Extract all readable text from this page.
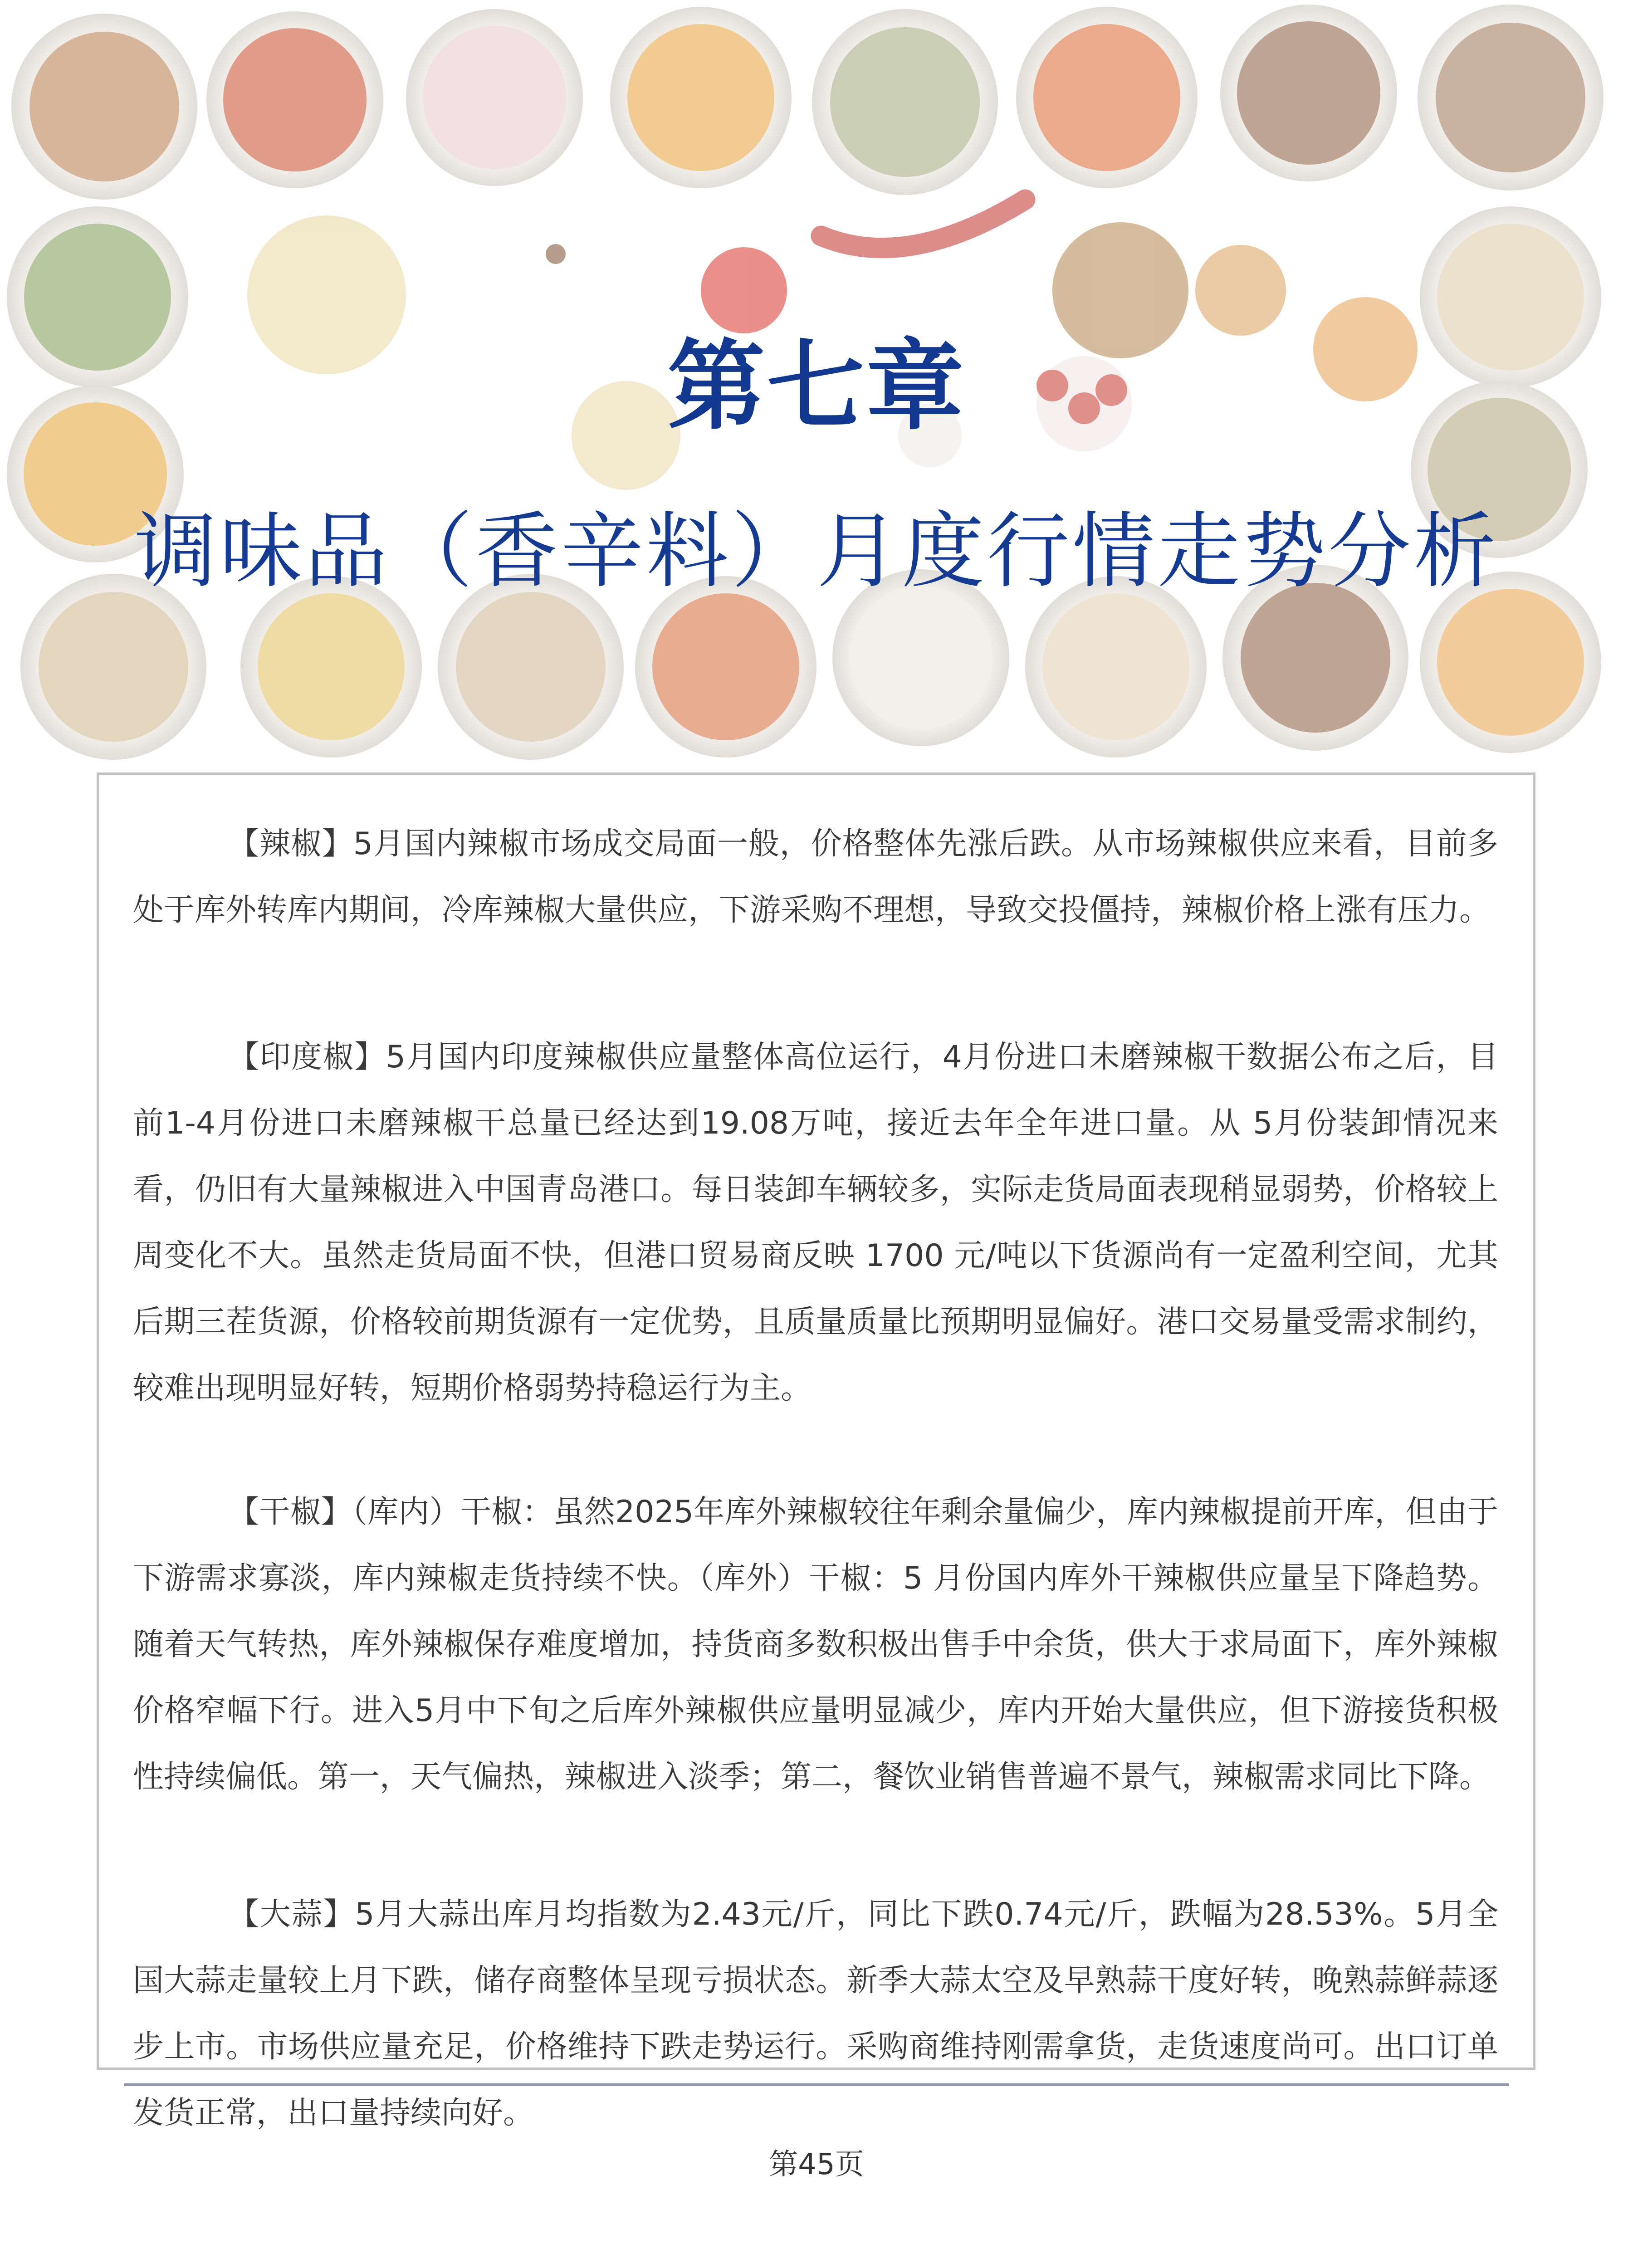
第七章
调味品（香辛料）月度行情走势分析

【辣椒】5月国内辣椒市场成交局面一般，价格整体先涨后跌。从市场辣椒供应来看，目前多处于库外转库内期间，冷库辣椒大量供应，下游采购不理想，导致交投僵持，辣椒价格上涨有压力。

【印度椒】5月国内印度辣椒供应量整体高位运行，4月份进口未磨辣椒干数据公布之后，目前1-4月份进口未磨辣椒干总量已经达到19.08万吨，接近去年全年进口量。从 5月份装卸情况来看，仍旧有大量辣椒进入中国青岛港口。每日装卸车辆较多，实际走货局面表现稍显弱势，价格较上周变化不大。虽然走货局面不快，但港口贸易商反映 1700 元/吨以下货源尚有一定盈利空间，尤其后期三茬货源，价格较前期货源有一定优势，且质量质量比预期明显偏好。港口交易量受需求制约，较难出现明显好转，短期价格弱势持稳运行为主。

【干椒】（库内）干椒：虽然2025年库外辣椒较往年剩余量偏少，库内辣椒提前开库，但由于下游需求寡淡，库内辣椒走货持续不快。（库外）干椒：5 月份国内库外干辣椒供应量呈下降趋势。随着天气转热，库外辣椒保存难度增加，持货商多数积极出售手中余货，供大于求局面下，库外辣椒价格窄幅下行。进入5月中下旬之后库外辣椒供应量明显减少，库内开始大量供应，但下游接货积极性持续偏低。第一，天气偏热，辣椒进入淡季；第二，餐饮业销售普遍不景气，辣椒需求同比下降。

【大蒜】5月大蒜出库月均指数为2.43元/斤，同比下跌0.74元/斤，跌幅为28.53%。5月全国大蒜走量较上月下跌，储存商整体呈现亏损状态。新季大蒜太空及早熟蒜干度好转，晚熟蒜鲜蒜逐步上市。市场供应量充足，价格维持下跌走势运行。采购商维持刚需拿货，走货速度尚可。出口订单发货正常，出口量持续向好。

第45页
